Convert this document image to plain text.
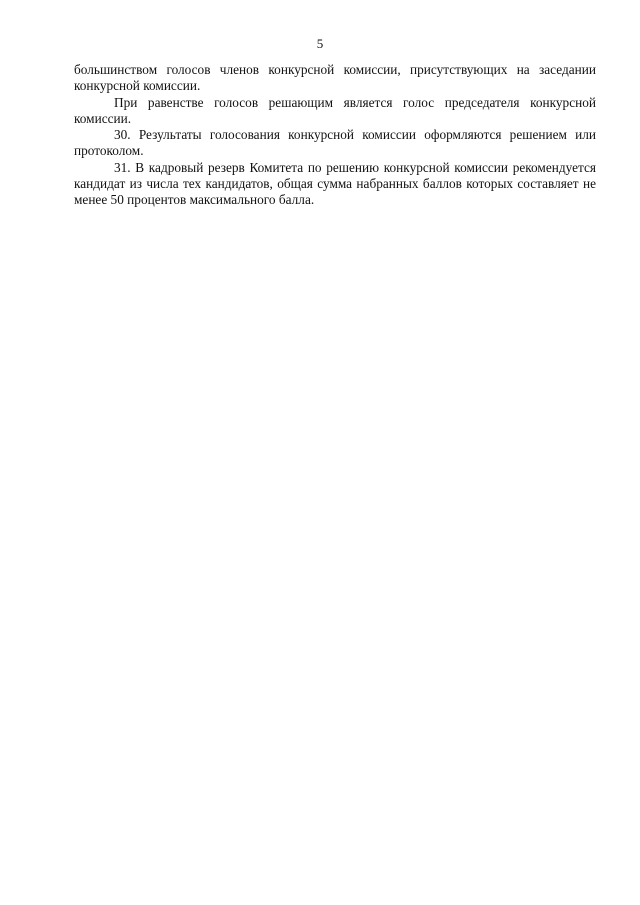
5

большинством голосов членов конкурсной комиссии, присутствующих на заседании конкурсной комиссии.

При равенстве голосов решающим является голос председателя конкурсной комиссии.

30. Результаты голосования конкурсной комиссии оформляются решением или протоколом.

31. В кадровый резерв Комитета по решению конкурсной комиссии рекомендуется кандидат из числа тех кандидатов, общая сумма набранных баллов которых составляет не менее 50 процентов максимального балла.
